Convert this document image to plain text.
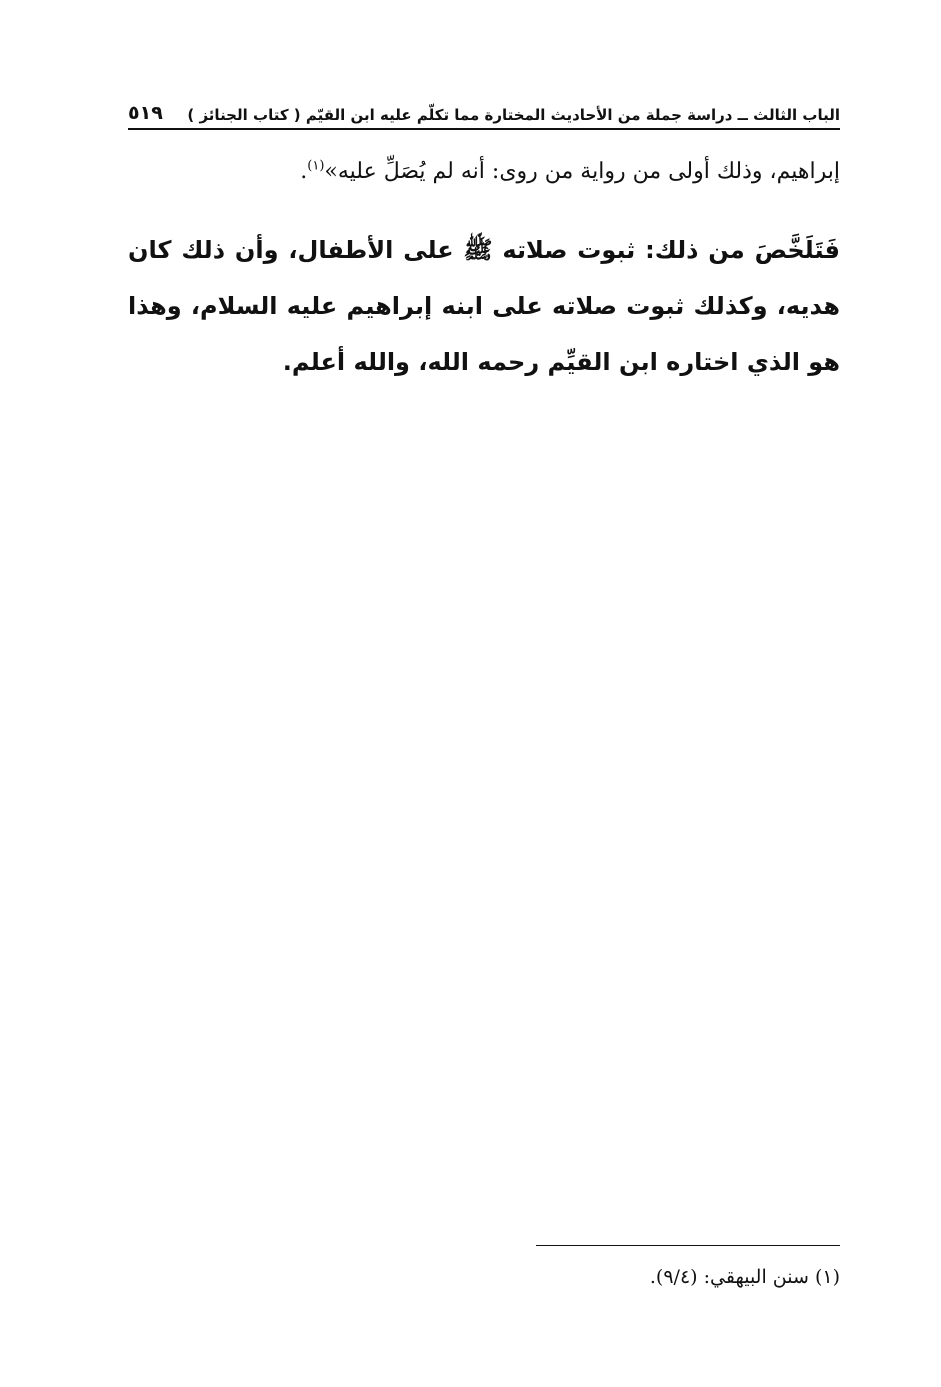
الباب الثالث ــ دراسة جملة من الأحاديث المختارة مما تكلّم عليه ابن القيّم ( كتاب الجنائز )
٥١٩
إبراهيم، وذلك أولى من رواية من روى: أنه لم يُصَلِّ عليه»$^{(١)}$.
فَتَلَخَّصَ من ذلك: ثبوت صلاته ﷺ على الأطفال، وأن ذلك كان هديه، وكذلك ثبوت صلاته على ابنه إبراهيم عليه السلام، وهذا هو الذي اختاره ابن القيِّم رحمه الله، والله أعلم.
(١) سنن البيهقي: (٩/٤).
